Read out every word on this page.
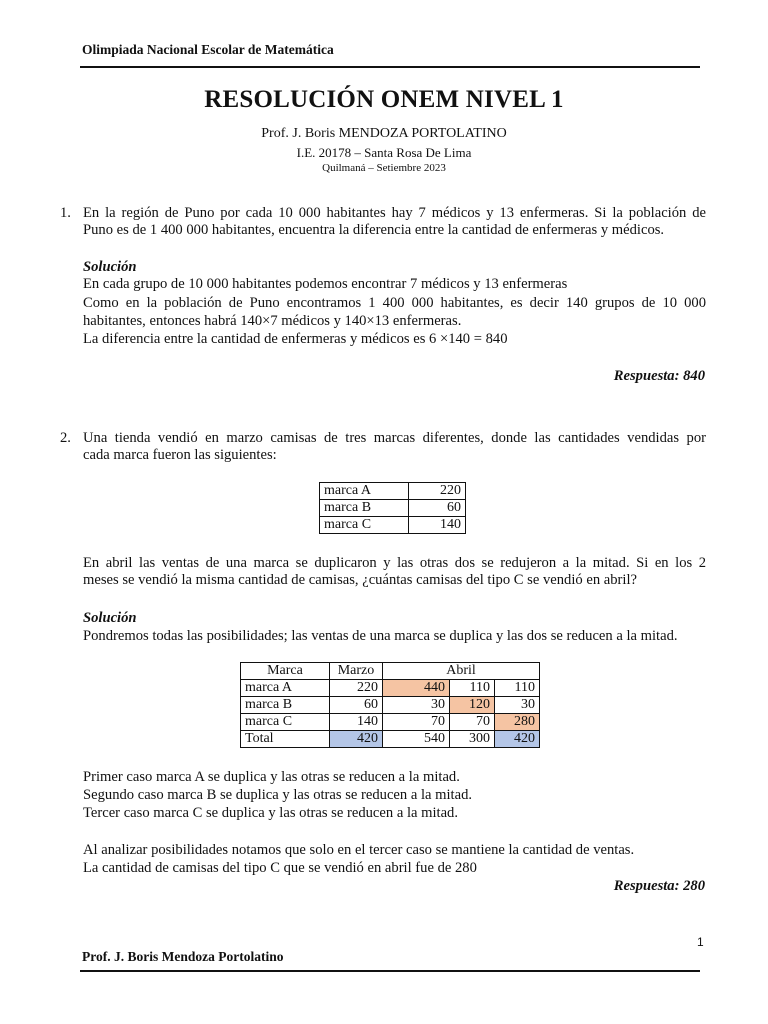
Olimpiada Nacional Escolar de Matemática
RESOLUCIÓN ONEM NIVEL 1
Prof. J. Boris MENDOZA PORTOLATINO
I.E. 20178 – Santa Rosa De Lima
Quilmaná – Setiembre 2023
1. En la región de Puno por cada 10 000 habitantes hay 7 médicos y 13 enfermeras. Si la población de
Puno es de 1 400 000 habitantes, encuentra la diferencia entre la cantidad de enfermeras y médicos.
Solución
En cada grupo de 10 000 habitantes podemos encontrar 7 médicos y 13 enfermeras
Como en la población de Puno encontramos 1 400 000 habitantes, es decir 140 grupos de 10 000
habitantes, entonces habrá 140×7 médicos y 140×13 enfermeras.
La diferencia entre la cantidad de enfermeras y médicos es 6 ×140 = 840
Respuesta: 840
2. Una tienda vendió en marzo camisas de tres marcas diferentes, donde las cantidades vendidas por
cada marca fueron las siguientes:
marca A	220
marca B	60
marca C	140
En abril las ventas de una marca se duplicaron y las otras dos se redujeron a la mitad. Si en los 2
meses se vendió la misma cantidad de camisas, ¿cuántas camisas del tipo C se vendió en abril?
Solución
Pondremos todas las posibilidades; las ventas de una marca se duplica y las dos se reducen a la mitad.
Marca	Marzo	Abril		
marca A	220	440	110	110
marca B	60	30	120	30
marca C	140	70	70	280
Total	420	540	300	420
Primer caso marca A se duplica y las otras se reducen a la mitad.
Segundo caso marca B se duplica y las otras se reducen a la mitad.
Tercer caso marca C se duplica y las otras se reducen a la mitad.
Al analizar posibilidades notamos que solo en el tercer caso se mantiene la cantidad de ventas.
La cantidad de camisas del tipo C que se vendió en abril fue de 280
Respuesta: 280
1
Prof. J. Boris Mendoza Portolatino
